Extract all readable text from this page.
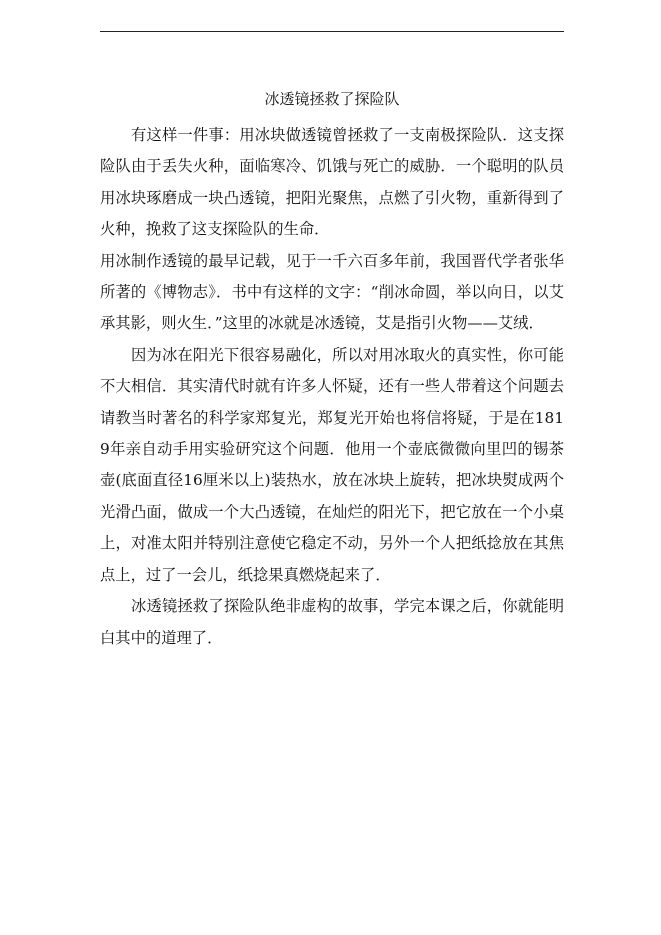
冰透镜拯救了探险队

有这样一件事：用冰块做透镜曾拯救了一支南极探险队．这支探险队由于丢失火种，面临寒冷、饥饿与死亡的威胁．一个聪明的队员用冰块琢磨成一块凸透镜，把阳光聚焦，点燃了引火物，重新得到了火种，挽救了这支探险队的生命．

用冰制作透镜的最早记载，见于一千六百多年前，我国晋代学者张华所著的《博物志》．书中有这样的文字：“削冰命圆，举以向日，以艾承其影，则火生．”这里的冰就是冰透镜，艾是指引火物——艾绒．

因为冰在阳光下很容易融化，所以对用冰取火的真实性，你可能不大相信．其实清代时就有许多人怀疑，还有一些人带着这个问题去请教当时著名的科学家郑复光，郑复光开始也将信将疑，于是在1819年亲自动手用实验研究这个问题．他用一个壶底微微向里凹的锡茶壶(底面直径16厘米以上)装热水，放在冰块上旋转，把冰块熨成两个光滑凸面，做成一个大凸透镜，在灿烂的阳光下，把它放在一个小桌上，对准太阳并特别注意使它稳定不动，另外一个人把纸捻放在其焦点上，过了一会儿，纸捻果真燃烧起来了．

冰透镜拯救了探险队绝非虚构的故事，学完本课之后，你就能明白其中的道理了．
